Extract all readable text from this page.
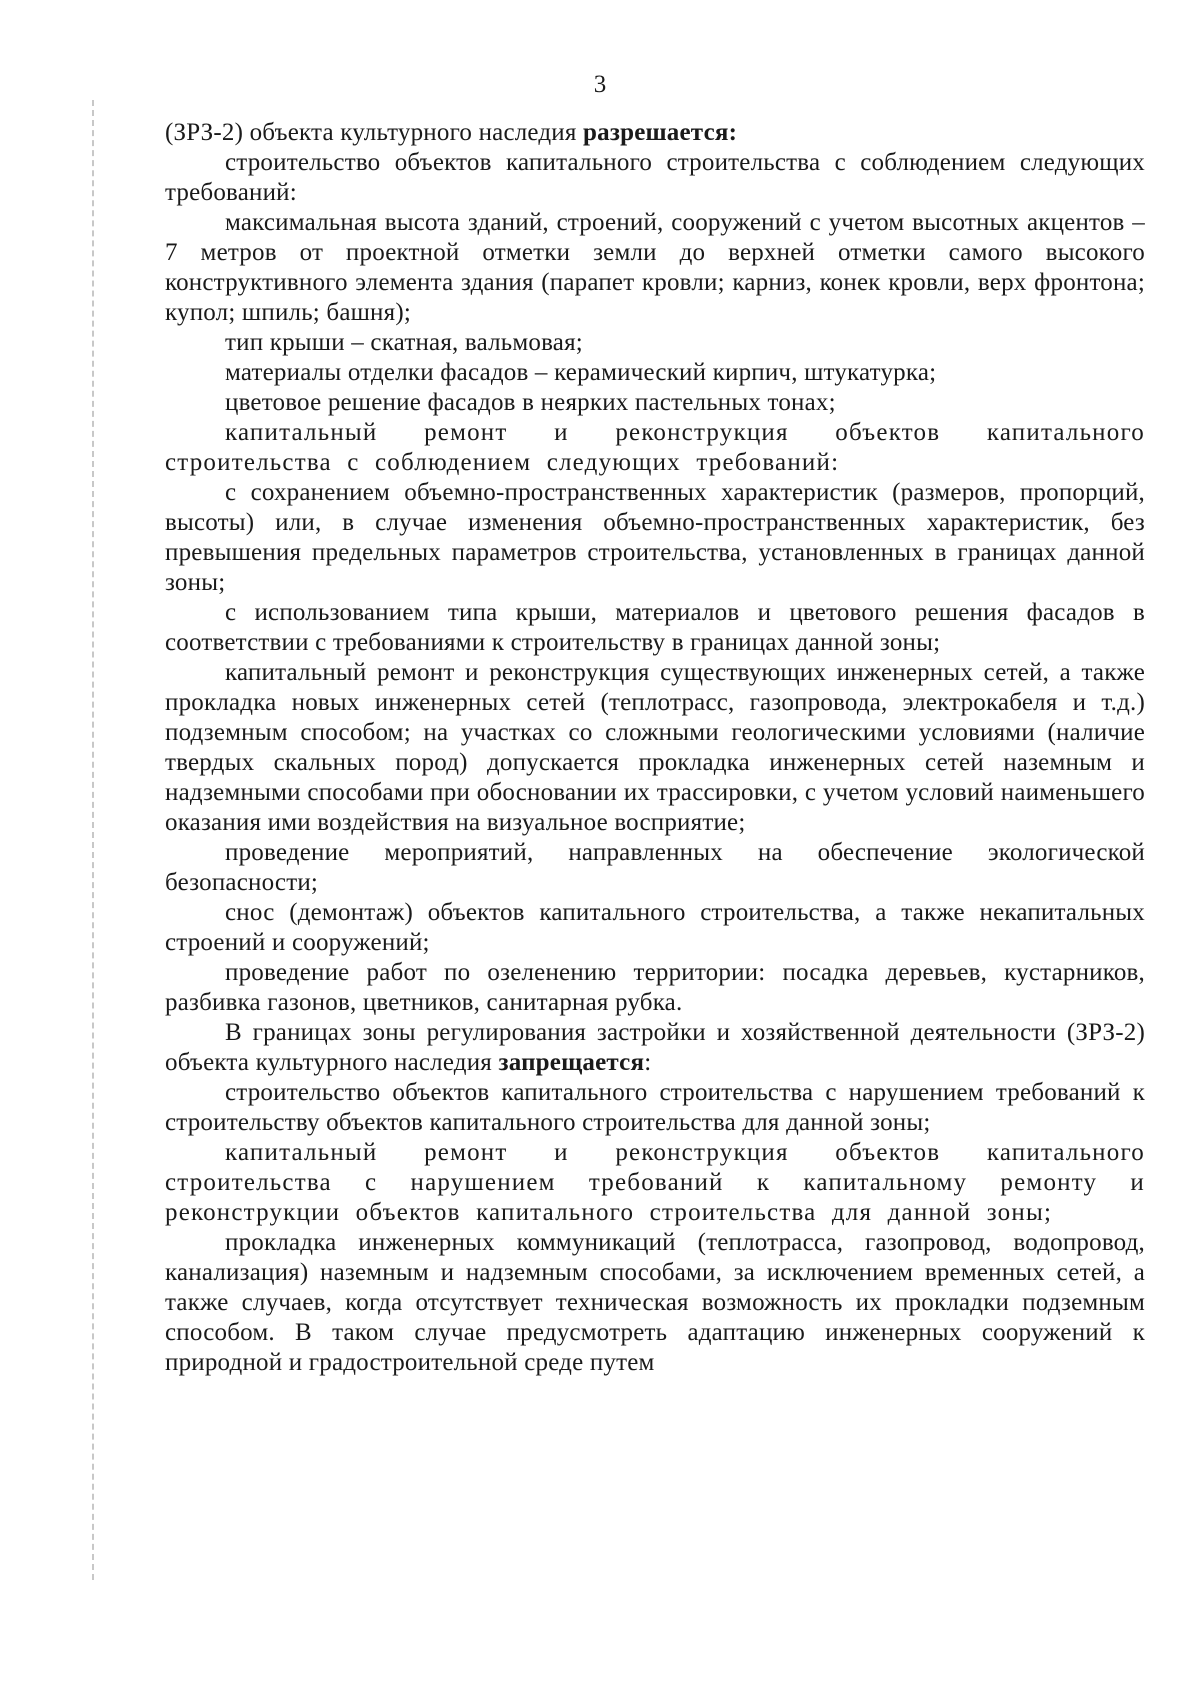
3

(ЗРЗ-2) объекта культурного наследия разрешается:

строительство объектов капитального строительства с соблюдением следующих требований:

максимальная высота зданий, строений, сооружений с учетом высотных акцентов – 7 метров от проектной отметки земли до верхней отметки самого высокого конструктивного элемента здания (парапет кровли; карниз, конек кровли, верх фронтона; купол; шпиль; башня);

тип крыши – скатная, вальмовая;

материалы отделки фасадов – керамический кирпич, штукатурка;

цветовое решение фасадов в неярких пастельных тонах;

капитальный ремонт и реконструкция объектов капитального строительства с соблюдением следующих требований:

с сохранением объемно-пространственных характеристик (размеров, пропорций, высоты) или, в случае изменения объемно-пространственных характеристик, без превышения предельных параметров строительства, установленных в границах данной зоны;

с использованием типа крыши, материалов и цветового решения фасадов в соответствии с требованиями к строительству в границах данной зоны;

капитальный ремонт и реконструкция существующих инженерных сетей, а также прокладка новых инженерных сетей (теплотрасс, газопровода, электрокабеля и т.д.) подземным способом; на участках со сложными геологическими условиями (наличие твердых скальных пород) допускается прокладка инженерных сетей наземным и надземными способами при обосновании их трассировки, с учетом условий наименьшего оказания ими воздействия на визуальное восприятие;

проведение мероприятий, направленных на обеспечение экологической безопасности;

снос (демонтаж) объектов капитального строительства, а также некапитальных строений и сооружений;

проведение работ по озеленению территории: посадка деревьев, кустарников, разбивка газонов, цветников, санитарная рубка.

В границах зоны регулирования застройки и хозяйственной деятельности (ЗРЗ-2) объекта культурного наследия запрещается:

строительство объектов капитального строительства с нарушением требований к строительству объектов капитального строительства для данной зоны;

капитальный ремонт и реконструкция объектов капитального строительства с нарушением требований к капитальному ремонту и реконструкции объектов капитального строительства для данной зоны;

прокладка инженерных коммуникаций (теплотрасса, газопровод, водопровод, канализация) наземным и надземным способами, за исключением временных сетей, а также случаев, когда отсутствует техническая возможность их прокладки подземным способом. В таком случае предусмотреть адаптацию инженерных сооружений к природной и градостроительной среде путем
